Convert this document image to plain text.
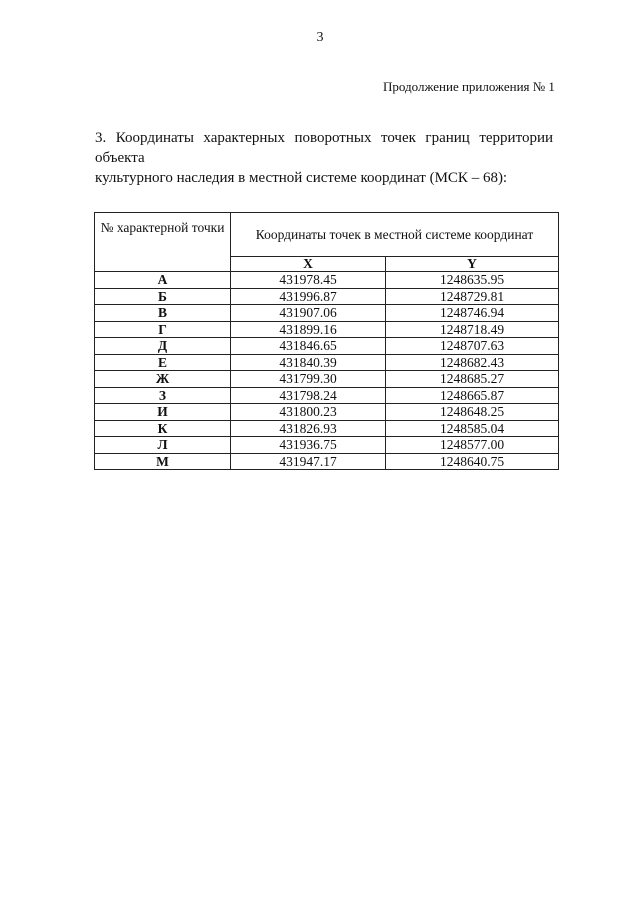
3
Продолжение приложения № 1
3. Координаты характерных поворотных точек границ территории объекта
культурного наследия в местной системе координат (МСК – 68):
№ характерной точки	Координаты точек в местной системе координат	
	X	Y
А	431978.45	1248635.95
Б	431996.87	1248729.81
В	431907.06	1248746.94
Г	431899.16	1248718.49
Д	431846.65	1248707.63
Е	431840.39	1248682.43
Ж	431799.30	1248685.27
З	431798.24	1248665.87
И	431800.23	1248648.25
К	431826.93	1248585.04
Л	431936.75	1248577.00
М	431947.17	1248640.75
